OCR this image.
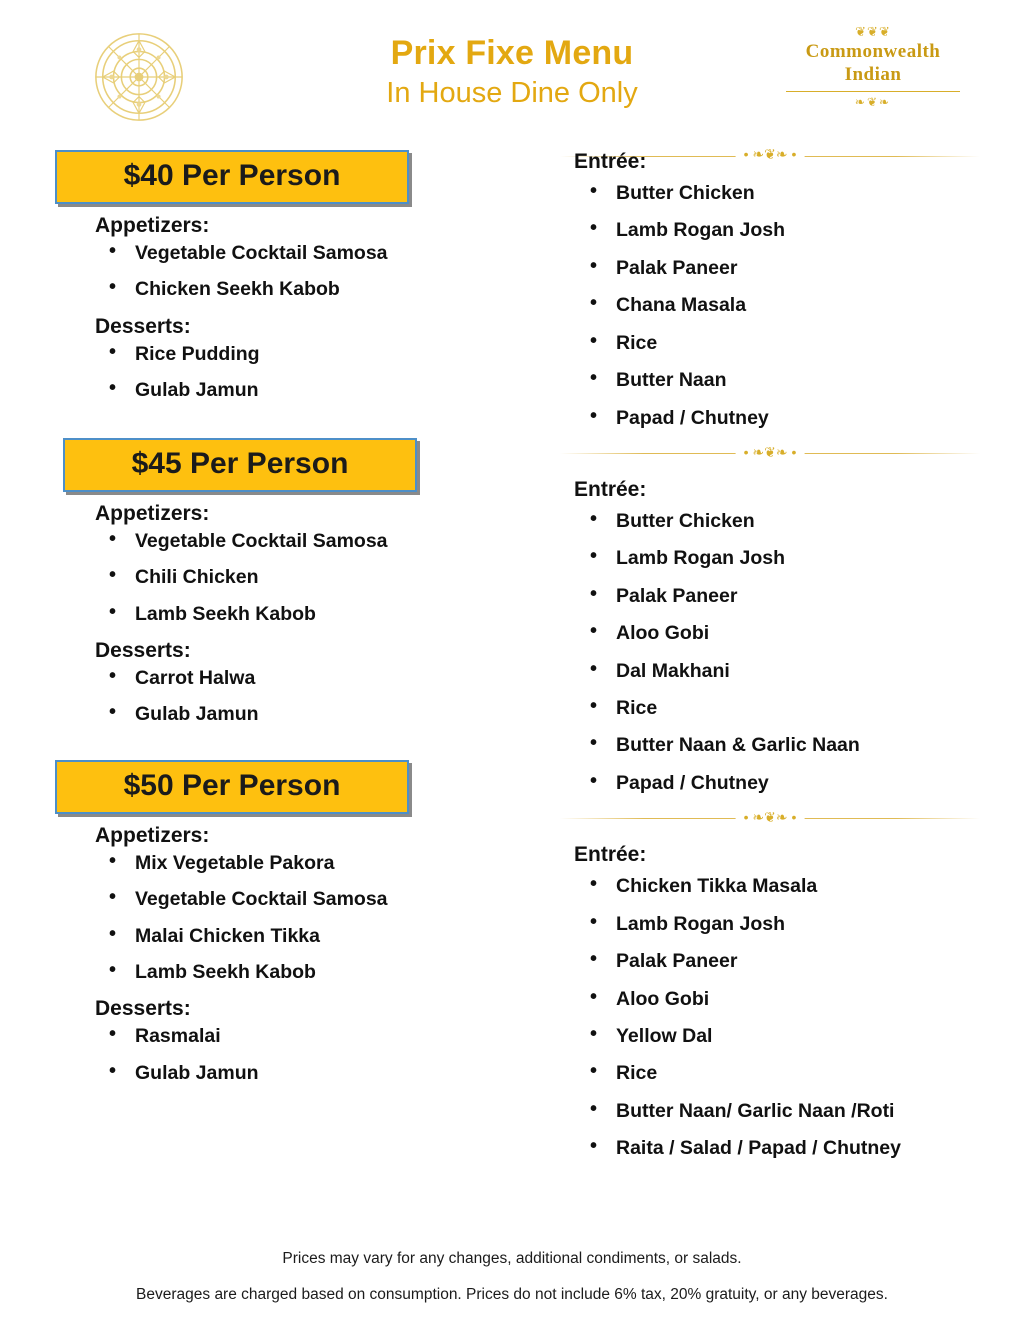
Prix Fixe Menu
In House Dine Only
❦❦❦
Commonwealth
Indian
❧❦❧
• ❧❦❧ •
$40 Per Person
Appetizers:
• Vegetable Cocktail Samosa
• Chicken Seekh Kabob
Desserts:
• Rice Pudding
• Gulab Jamun
$45 Per Person
Appetizers:
• Vegetable Cocktail Samosa
• Chili Chicken
• Lamb Seekh Kabob
Desserts:
• Carrot Halwa
• Gulab Jamun
$50 Per Person
Appetizers:
• Mix Vegetable Pakora
• Vegetable Cocktail Samosa
• Malai Chicken Tikka
• Lamb Seekh Kabob
Desserts:
• Rasmalai
• Gulab Jamun
Entrée:
• Butter Chicken
• Lamb Rogan Josh
• Palak Paneer
• Chana Masala
• Rice
• Butter Naan
• Papad / Chutney
• ❧❦❧ •
Entrée:
• Butter Chicken
• Lamb Rogan Josh
• Palak Paneer
• Aloo Gobi
• Dal Makhani
• Rice
• Butter Naan & Garlic Naan
• Papad / Chutney
• ❧❦❧ •
Entrée:
• Chicken Tikka Masala
• Lamb Rogan Josh
• Palak Paneer
• Aloo Gobi
• Yellow Dal
• Rice
• Butter Naan/ Garlic Naan /Roti
• Raita / Salad / Papad / Chutney
Prices may vary for any changes, additional condiments, or salads.
Beverages are charged based on consumption. Prices do not include 6% tax, 20% gratuity, or any beverages.
